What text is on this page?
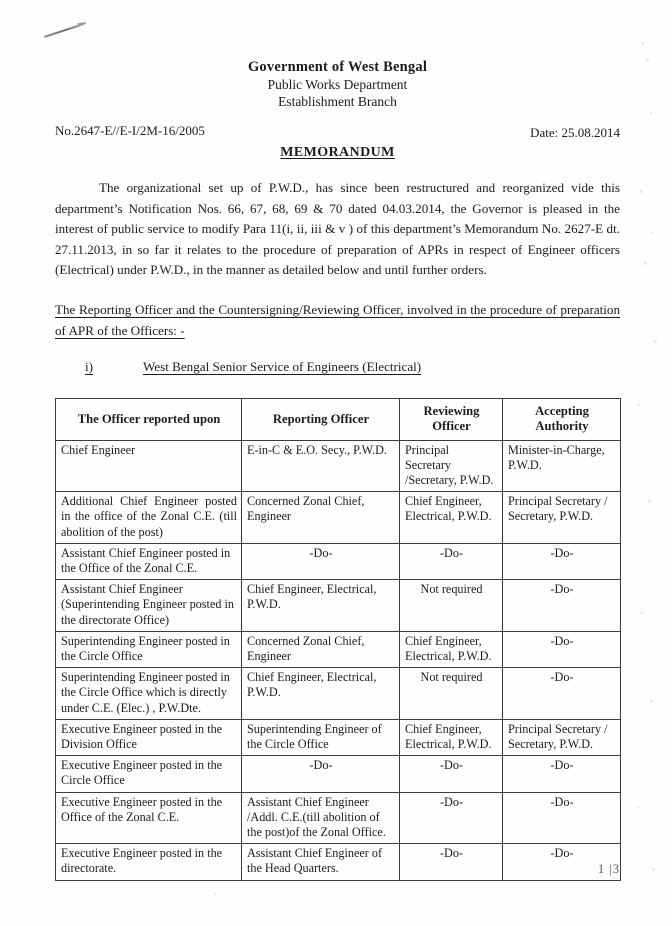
Government of West Bengal
Public Works Department
Establishment Branch
No.2647-E//E-I/2M-16/2005	Date: 25.08.2014
MEMORANDUM

The organizational set up of P.W.D., has since been restructured and reorganized vide this department’s Notification Nos. 66, 67, 68, 69 & 70 dated 04.03.2014, the Governor is pleased in the interest of public service to modify Para 11(i, ii, iii & v ) of this department’s Memorandum No. 2627-E dt. 27.11.2013, in so far it relates to the procedure of preparation of APRs in respect of Engineer officers (Electrical) under P.W.D., in the manner as detailed below and until further orders.

The Reporting Officer and the Countersigning/Reviewing Officer, involved in the procedure of preparation of APR of the Officers: -
i)	West Bengal Senior Service of Engineers (Electrical)
The Officer reported upon	Reporting Officer	Reviewing Officer	Accepting Authority
Chief Engineer	E-in-C & E.O. Secy., P.W.D.	Principal Secretary /Secretary, P.W.D.	Minister-in-Charge, P.W.D.
Additional Chief Engineer posted in the office of the Zonal C.E. (till abolition of the post)	Concerned Zonal Chief, Engineer	Chief Engineer, Electrical, P.W.D.	Principal Secretary / Secretary, P.W.D.
Assistant Chief Engineer posted in the Office of the Zonal C.E.	-Do-	-Do-	-Do-
Assistant Chief Engineer (Superintending Engineer posted in the directorate Office)	Chief Engineer, Electrical, P.W.D.	Not required	-Do-
Superintending Engineer posted in the Circle Office	Concerned Zonal Chief, Engineer	Chief Engineer, Electrical, P.W.D.	-Do-
Superintending Engineer posted in the Circle Office which is directly under C.E. (Elec.) , P.W.Dte.	Chief Engineer, Electrical, P.W.D.	Not required	-Do-
Executive Engineer posted in the Division Office	Superintending Engineer of the Circle Office	Chief Engineer, Electrical, P.W.D.	Principal Secretary / Secretary, P.W.D.
Executive Engineer posted in the Circle Office	-Do-	-Do-	-Do-
Executive Engineer posted in the Office of the Zonal C.E.	Assistant Chief Engineer /Addl. C.E.(till abolition of the post)of the Zonal Office.	-Do-	-Do-
Executive Engineer posted in the directorate.	Assistant Chief Engineer of the Head Quarters.	-Do-	-Do-
1 |3
